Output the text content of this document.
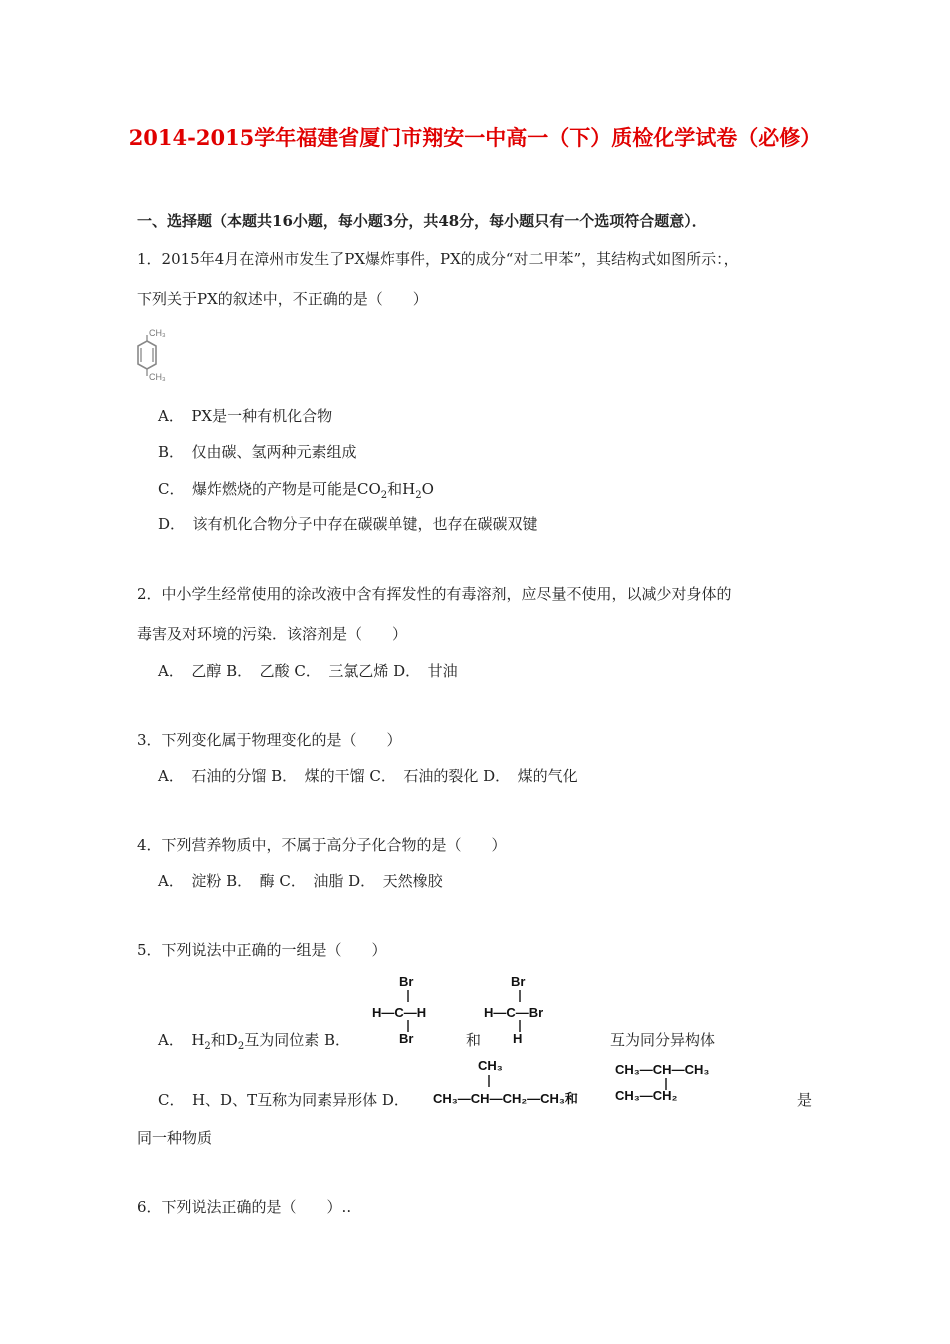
2014-2015学年福建省厦门市翔安一中高一（下）质检化学试卷（必修）
一、选择题（本题共16小题，每小题3分，共48分，每小题只有一个选项符合题意）．
1．2015年4月在漳州市发生了PX爆炸事件，PX的成分“对二甲苯”，其结构式如图所示：，
下列关于PX的叙述中，不正确的是（　　）
CH₃
CH₃
A．　PX是一种有机化合物
B．　仅由碳、氢两种元素组成
C．　爆炸燃烧的产物是可能是$CO_2$和$H_2O$
D．　该有机化合物分子中存在碳碳单键，也存在碳碳双键
2．中小学生经常使用的涂改液中含有挥发性的有毒溶剂，应尽量不使用，以减少对身体的
毒害及对环境的污染．该溶剂是（　　）
A．　乙醇 B．　乙酸 C．　三氯乙烯 D．　甘油
3．下列变化属于物理变化的是（　　）
A．　石油的分馏 B．　煤的干馏 C．　石油的裂化 D．　煤的气化
4．下列营养物质中，不属于高分子化合物的是（　　）
A．　淀粉 B．　酶 C．　油脂 D．　天然橡胶
5．下列说法中正确的一组是（　　）
Br
H—C—H
Br
Br
H—C—Br
H
A．　$H_2$和$D_2$互为同位素 B．	和	互为同分异构体
CH₃
CH₃—CH—CH₂—CH₃和
CH₃—CH—CH₃
CH₃—CH₂
C．　H、D、T互称为同素异形体 D．	是
同一种物质
6．下列说法正确的是（　　）..
